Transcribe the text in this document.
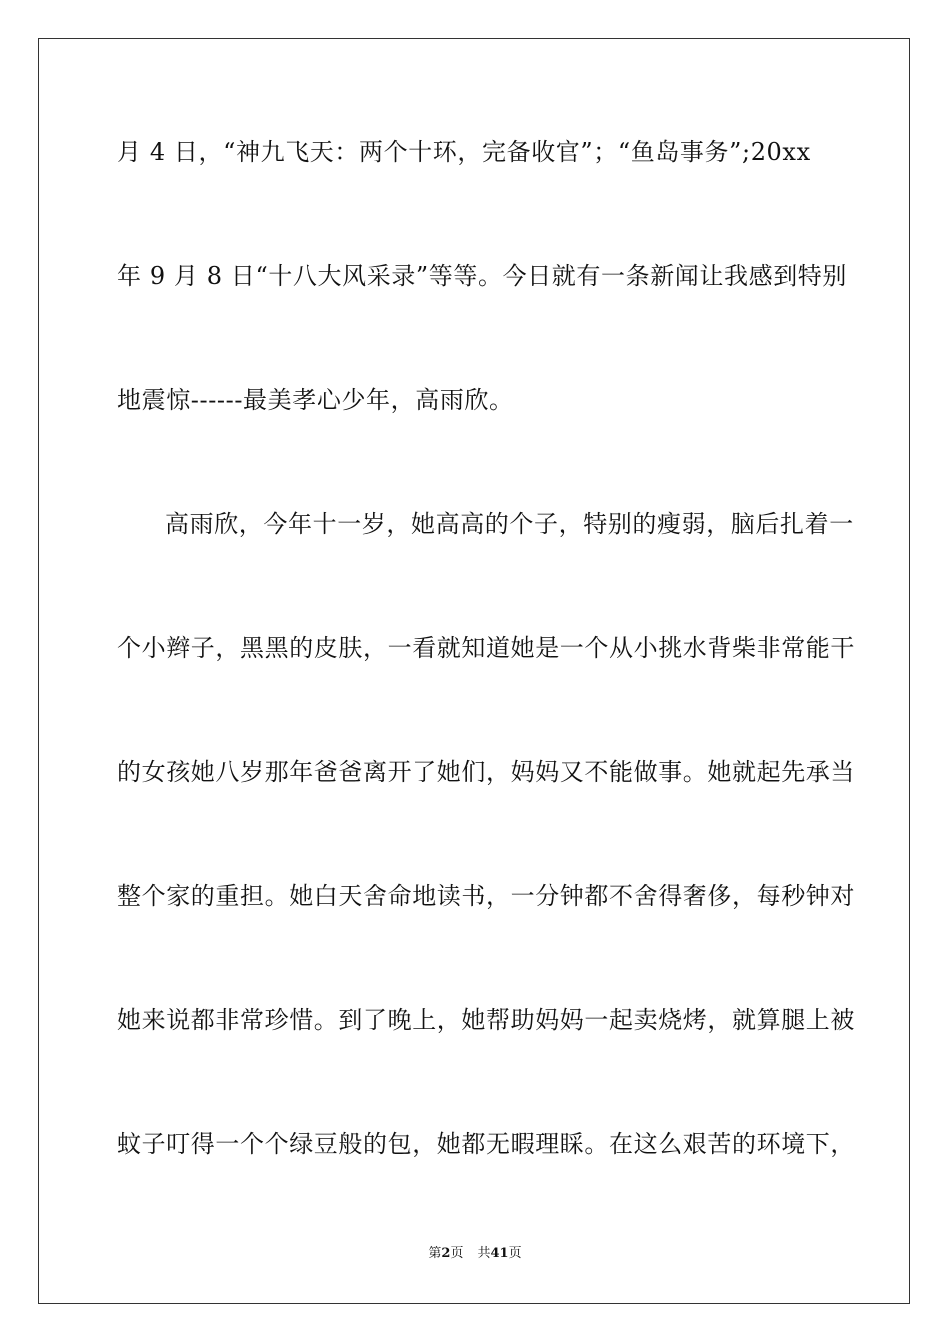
月 4 日，“神九飞天：两个十环，完备收官”；“鱼岛事务”;20xx
年 9 月 8 日“十八大风采录”等等。今日就有一条新闻让我感到特别
地震惊------最美孝心少年，高雨欣。
高雨欣，今年十一岁，她高高的个子，特别的瘦弱，脑后扎着一
个小辫子，黑黑的皮肤，一看就知道她是一个从小挑水背柴非常能干
的女孩她八岁那年爸爸离开了她们，妈妈又不能做事。她就起先承当
整个家的重担。她白天舍命地读书，一分钟都不舍得奢侈，每秒钟对
她来说都非常珍惜。到了晚上，她帮助妈妈一起卖烧烤，就算腿上被
蚊子叮得一个个绿豆般的包，她都无暇理睬。在这么艰苦的环境下，
第2页 共41页
